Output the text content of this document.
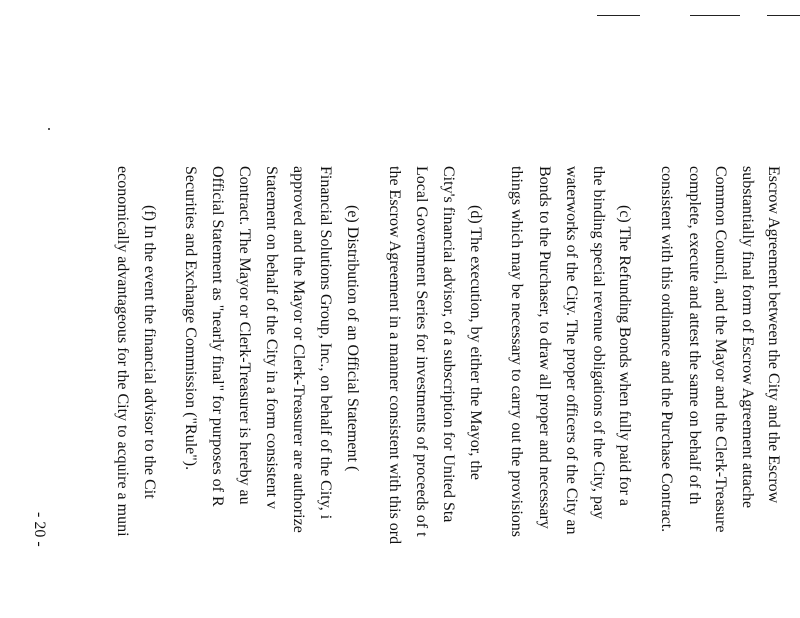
Escrow Agreement between the City and the Escrow
substantially final form of Escrow Agreement attache
Common Council, and the Mayor and the Clerk-Treasure
complete, execute and attest the same on behalf of th
consistent with this ordinance and the Purchase Contract.
(c) The Refunding Bonds when fully paid for a
the binding special revenue obligations of the City, pay
waterworks of the City. The proper officers of the City an
Bonds to the Purchaser, to draw all proper and necessary
things which may be necessary to carry out the provisions
(d) The execution, by either the Mayor, the
City's financial advisor, of a subscription for United Sta
Local Government Series for investments of proceeds of t
the Escrow Agreement in a manner consistent with this ord
(e) Distribution of an Official Statement (
Financial Solutions Group, Inc., on behalf of the City, i
approved and the Mayor or Clerk-Treasurer are authorize
Statement on behalf of the City in a form consistent v
Contract. The Mayor or Clerk-Treasurer is hereby au
Official Statement as "nearly final" for purposes of R
Securities and Exchange Commission ("Rule").
(f) In the event the financial advisor to the Cit
economically advantageous for the City to acquire a muni
- 20 -
